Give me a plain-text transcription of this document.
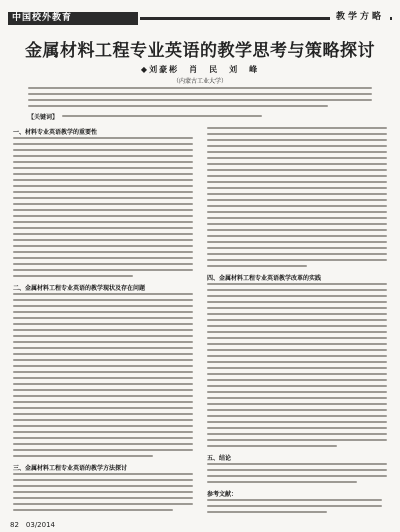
中国校外教育	教学方略
金属材料工程专业英语的教学思考与策略探讨
◆刘豪彬　肖　民　刘　峰
（内蒙古工业大学）
【关键词】
一、材料专业英语教学的重要性
二、金属材料工程专业英语的教学现状及存在问题
三、金属材料工程专业英语的教学方法探讨
四、金属材料工程专业英语教学改革的实践
五、结论
参考文献：
82　03/2014
